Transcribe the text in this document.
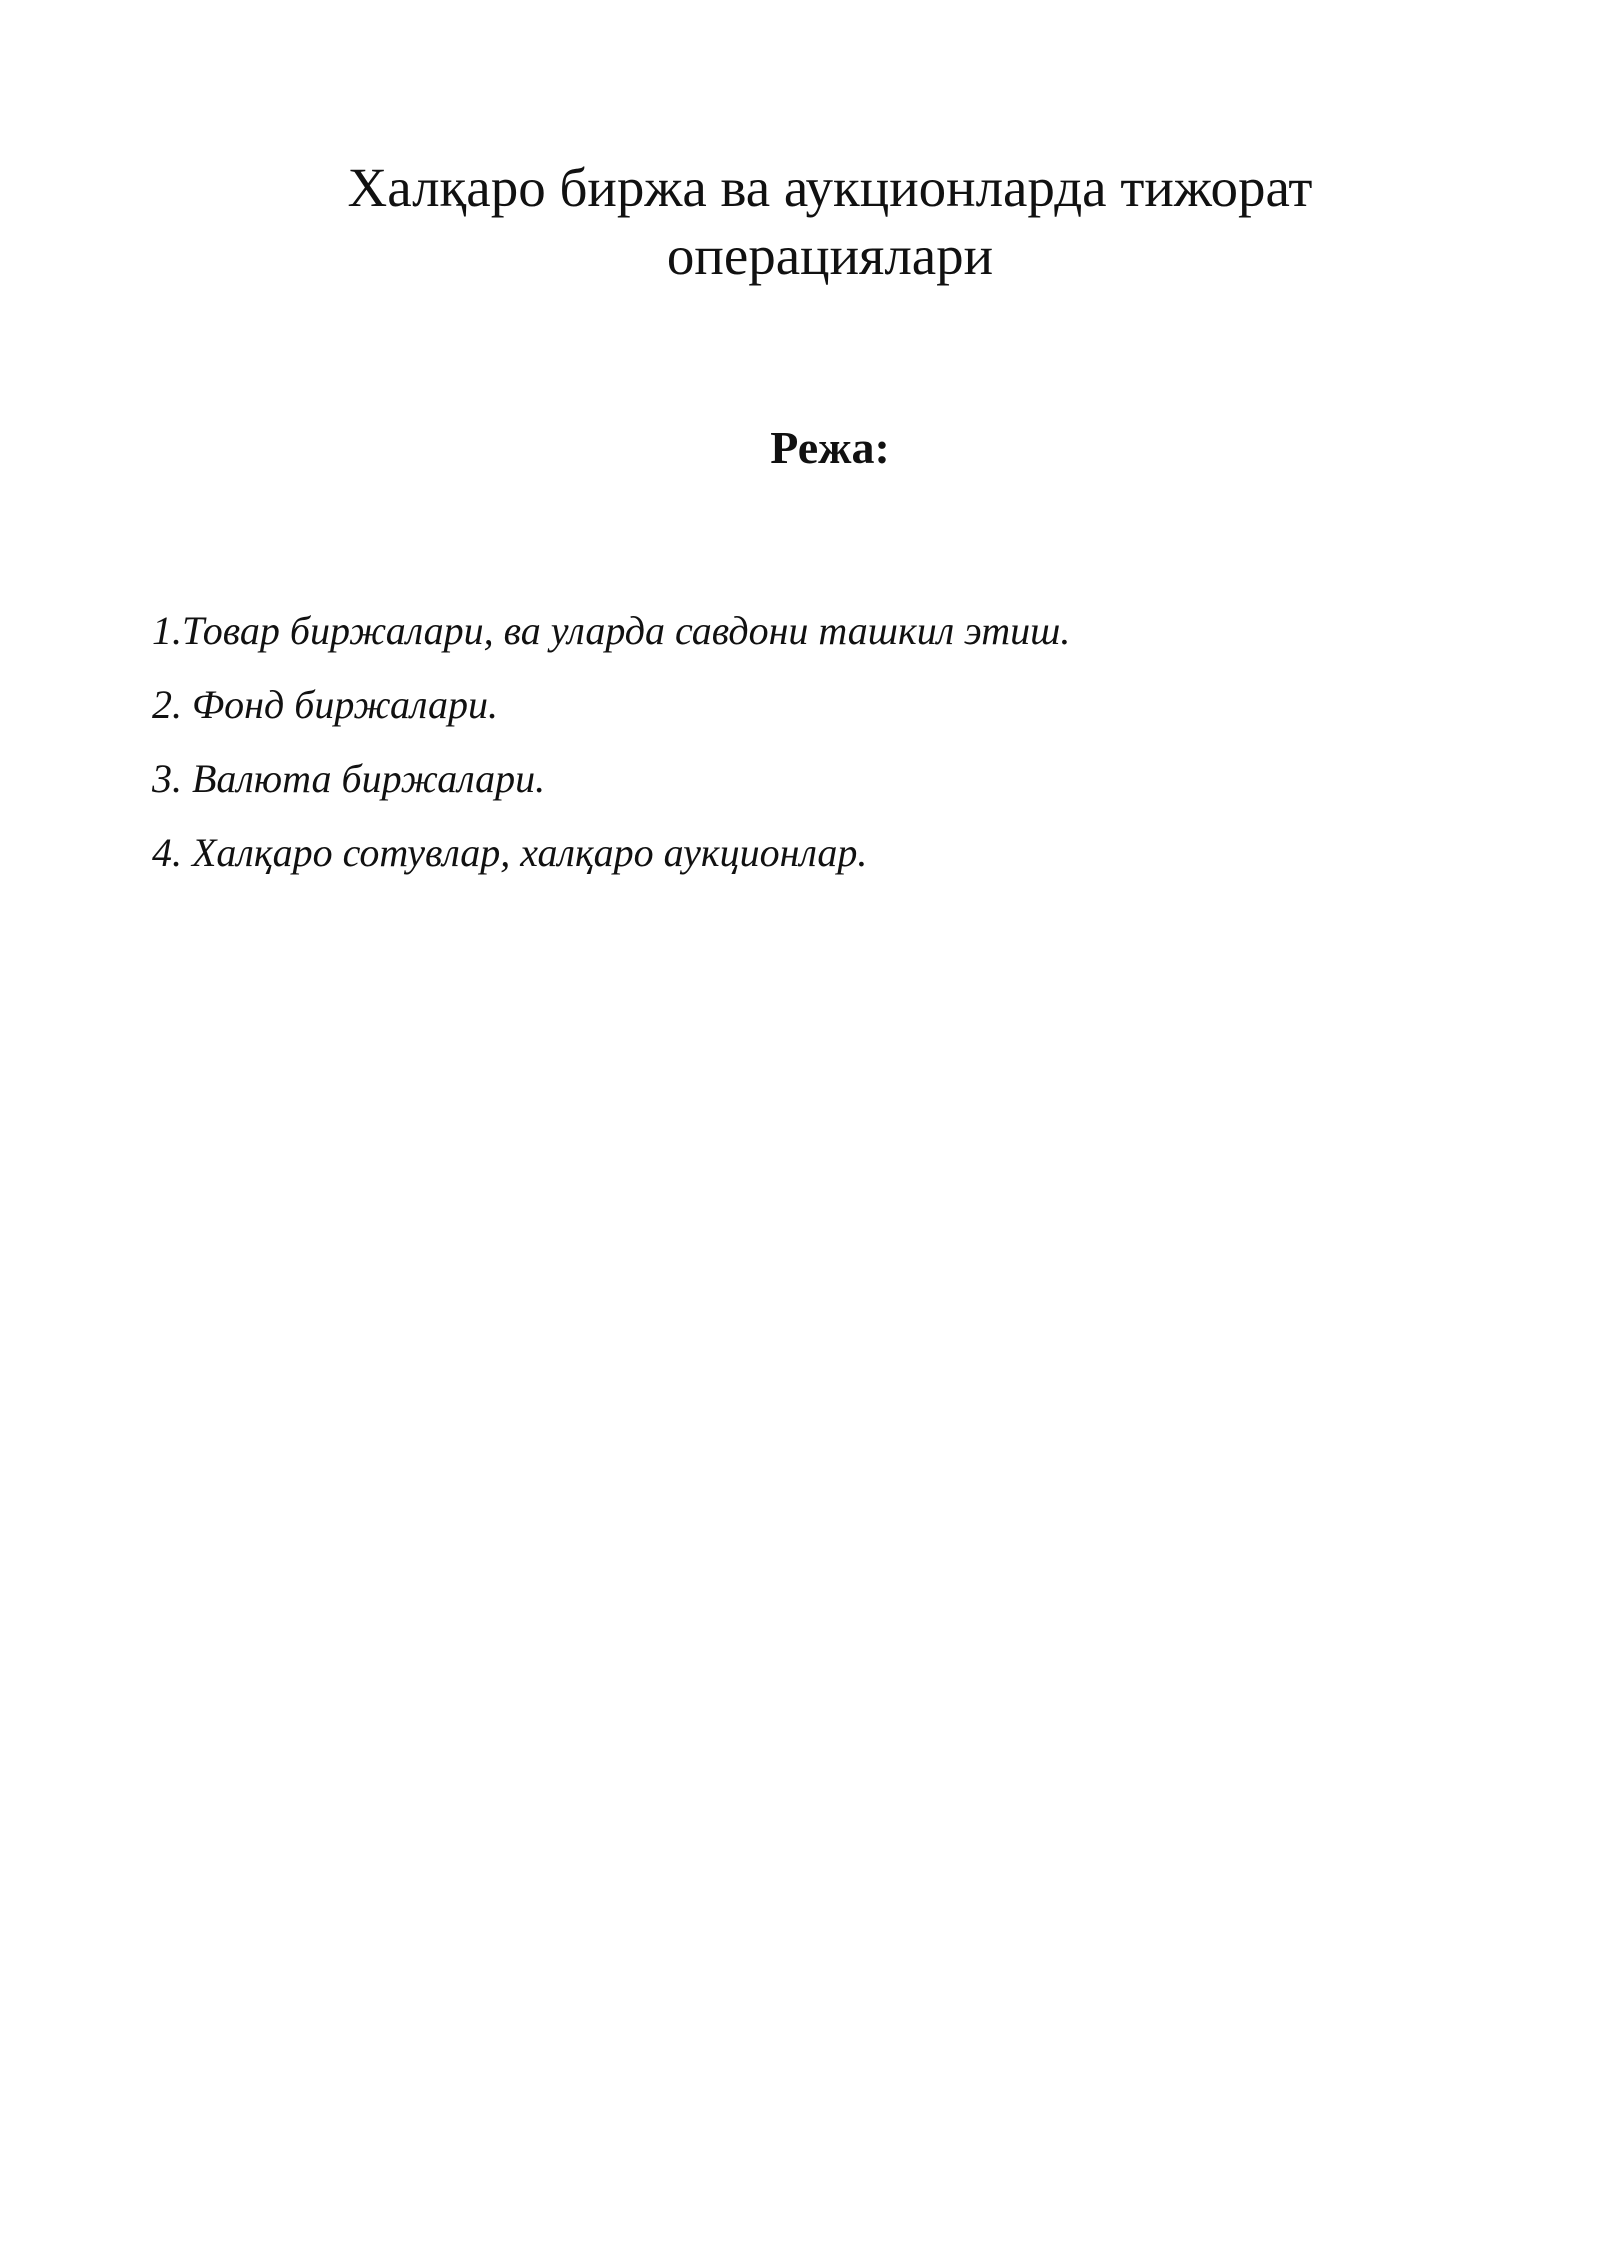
Халқаро биржа ва аукционларда тижорат операциялари
Режа:
1.Товар биржалари, ва уларда савдони ташкил этиш.
2. Фонд биржалари.
3. Валюта биржалари.
4. Халқаро сотувлар, халқаро аукционлар.
